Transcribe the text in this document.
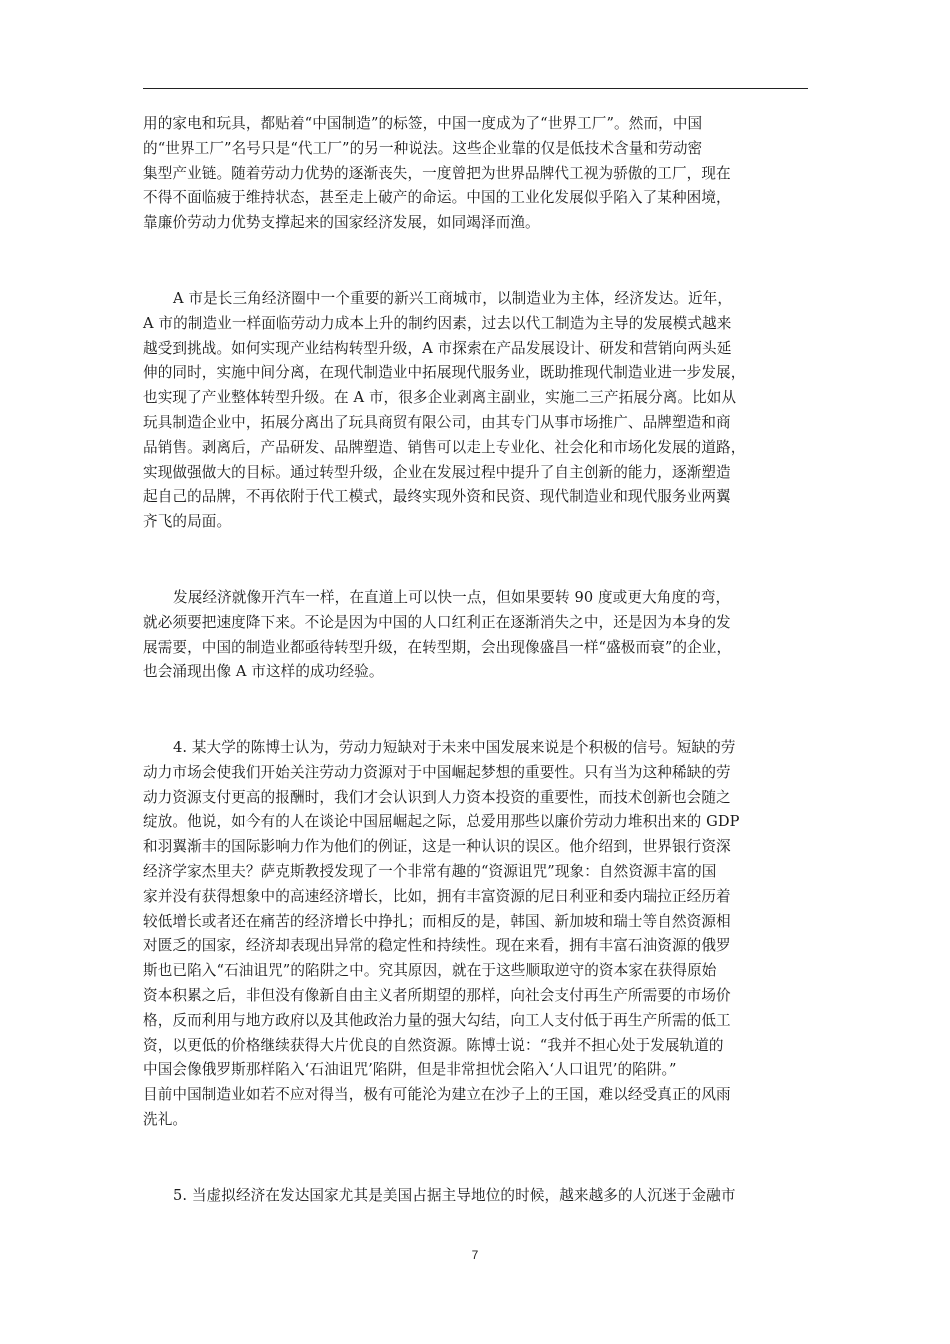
用的家电和玩具，都贴着“中国制造”的标签，中国一度成为了“世界工厂”。然而，中国
的“世界工厂”名号只是“代工厂”的另一种说法。这些企业靠的仅是低技术含量和劳动密
集型产业链。随着劳动力优势的逐渐丧失，一度曾把为世界品牌代工视为骄傲的工厂，现在
不得不面临疲于维持状态，甚至走上破产的命运。中国的工业化发展似乎陷入了某种困境，
靠廉价劳动力优势支撑起来的国家经济发展，如同竭泽而渔。

A 市是长三角经济圈中一个重要的新兴工商城市，以制造业为主体，经济发达。近年，
A 市的制造业一样面临劳动力成本上升的制约因素，过去以代工制造为主导的发展模式越来
越受到挑战。如何实现产业结构转型升级，A 市探索在产品发展设计、研发和营销向两头延
伸的同时，实施中间分离，在现代制造业中拓展现代服务业，既助推现代制造业进一步发展，
也实现了产业整体转型升级。在 A 市，很多企业剥离主副业，实施二三产拓展分离。比如从
玩具制造企业中，拓展分离出了玩具商贸有限公司，由其专门从事市场推广、品牌塑造和商
品销售。剥离后，产品研发、品牌塑造、销售可以走上专业化、社会化和市场化发展的道路，
实现做强做大的目标。通过转型升级，企业在发展过程中提升了自主创新的能力，逐渐塑造
起自己的品牌，不再依附于代工模式，最终实现外资和民资、现代制造业和现代服务业两翼
齐飞的局面。

发展经济就像开汽车一样，在直道上可以快一点，但如果要转 90 度或更大角度的弯，
就必须要把速度降下来。不论是因为中国的人口红利正在逐渐消失之中，还是因为本身的发
展需要，中国的制造业都亟待转型升级，在转型期，会出现像盛昌一样“盛极而衰”的企业，
也会涌现出像 A 市这样的成功经验。

4. 某大学的陈博士认为，劳动力短缺对于未来中国发展来说是个积极的信号。短缺的劳
动力市场会使我们开始关注劳动力资源对于中国崛起梦想的重要性。只有当为这种稀缺的劳
动力资源支付更高的报酬时，我们才会认识到人力资本投资的重要性，而技术创新也会随之
绽放。他说，如今有的人在谈论中国屈崛起之际，总爱用那些以廉价劳动力堆积出来的 GDP
和羽翼渐丰的国际影响力作为他们的例证，这是一种认识的误区。他介绍到，世界银行资深
经济学家杰里夫？萨克斯教授发现了一个非常有趣的“资源诅咒”现象：自然资源丰富的国
家并没有获得想象中的高速经济增长，比如，拥有丰富资源的尼日利亚和委内瑞拉正经历着
较低增长或者还在痛苦的经济增长中挣扎；而相反的是，韩国、新加坡和瑞士等自然资源相
对匮乏的国家，经济却表现出异常的稳定性和持续性。现在来看，拥有丰富石油资源的俄罗
斯也已陷入“石油诅咒”的陷阱之中。究其原因，就在于这些顺取逆守的资本家在获得原始
资本积累之后，非但没有像新自由主义者所期望的那样，向社会支付再生产所需要的市场价
格，反而利用与地方政府以及其他政治力量的强大勾结，向工人支付低于再生产所需的低工
资，以更低的价格继续获得大片优良的自然资源。陈博士说：“我并不担心处于发展轨道的
中国会像俄罗斯那样陷入‘石油诅咒’陷阱，但是非常担忧会陷入‘人口诅咒’的陷阱。”
目前中国制造业如若不应对得当，极有可能沦为建立在沙子上的王国，难以经受真正的风雨
洗礼。

5. 当虚拟经济在发达国家尤其是美国占据主导地位的时候，越来越多的人沉迷于金融市

7
